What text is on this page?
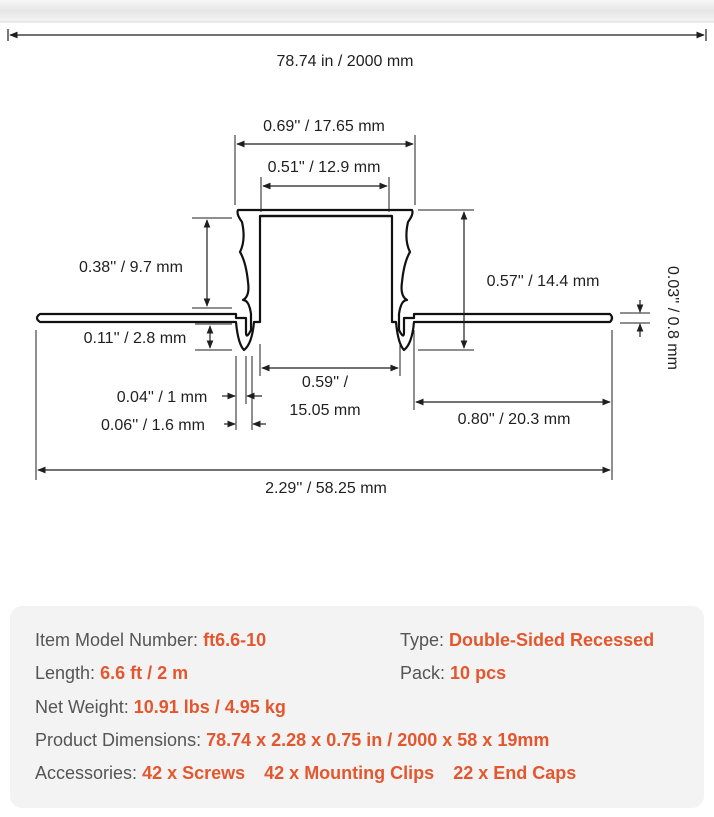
78.74 in / 2000 mm
0.69'' / 17.65 mm
0.51'' / 12.9 mm
0.38'' / 9.7 mm
0.57'' / 14.4 mm	0.03'' / 0.8 mm
0.11'' / 2.8 mm
0.04'' / 1 mm
0.06'' / 1.6 mm
0.59'' /
15.05 mm
0.80'' / 20.3 mm
2.29'' / 58.25 mm
Item Model Number: ft6.6-10	Type: Double-Sided Recessed
Length: 6.6 ft / 2 m	Pack: 10 pcs
Net Weight: 10.91 lbs / 4.95 kg
Product Dimensions: 78.74 x 2.28 x 0.75 in / 2000 x 58 x 19mm
Accessories: 42 x Screws 42 x Mounting Clips 22 x End Caps
